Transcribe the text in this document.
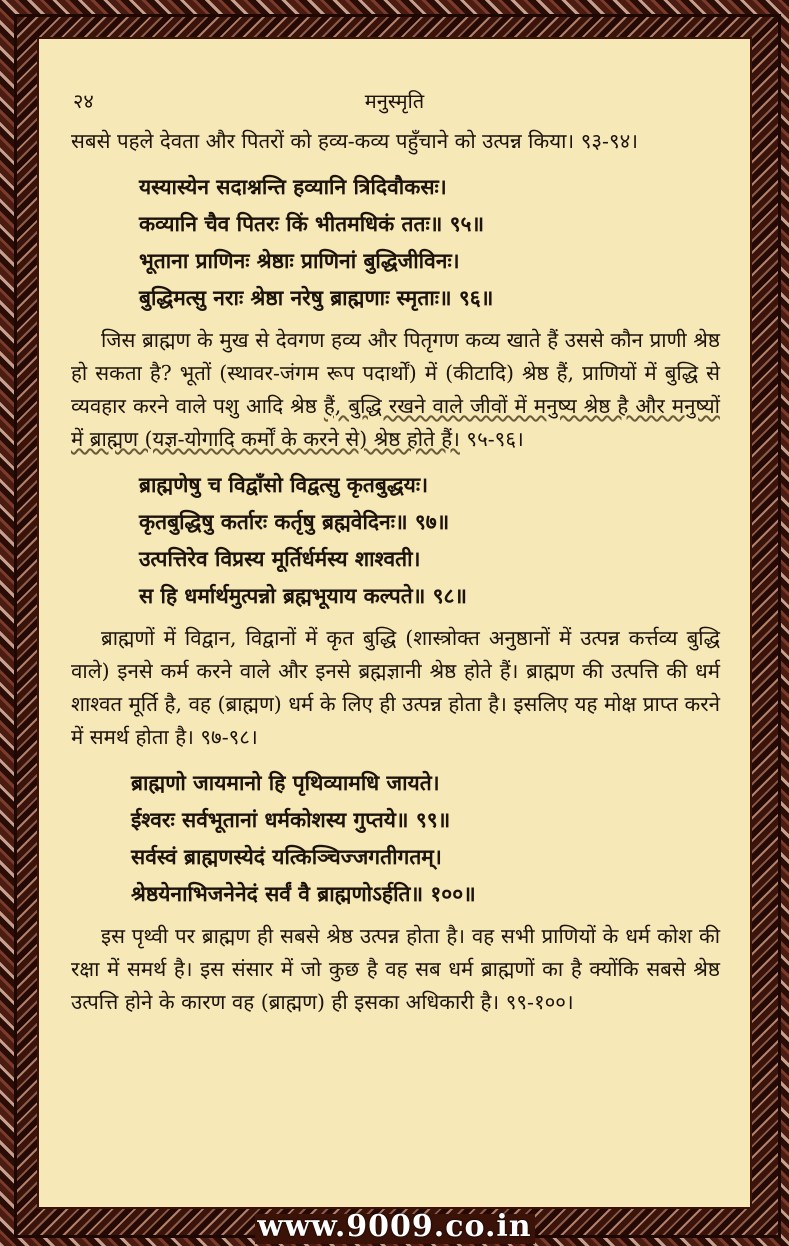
२४	मनुस्मृति

सबसे पहले देवता और पितरों को हव्य-कव्य पहुँचाने को उत्पन्न किया। ९३-९४।

यस्यास्येन सदाश्नन्ति हव्यानि त्रिदिवौकसः।
कव्यानि चैव पितरः किं भीतमधिकं ततः॥ ९५॥
भूताना प्राणिनः श्रेष्ठाः प्राणिनां बुद्धिजीविनः।
बुद्धिमत्सु नराः श्रेष्ठा नरेषु ब्राह्मणाः स्मृताः॥ ९६॥

जिस ब्राह्मण के मुख से देवगण हव्य और पितृगण कव्य खाते हैं उससे कौन प्राणी श्रेष्ठ हो सकता है? भूतों (स्थावर-जंगम रूप पदार्थों) में (कीटादि) श्रेष्ठ हैं, प्राणियों में बुद्धि से व्यवहार करने वाले पशु आदि श्रेष्ठ हैं, बुद्धि रखने वाले जीवों में मनुष्य श्रेष्ठ है और मनुष्यों में ब्राह्मण (यज्ञ-योगादि कर्मों के करने से) श्रेष्ठ होते हैं। ९५-९६।

ब्राह्मणेषु च विद्वाँसो विद्वत्सु कृतबुद्धयः।
कृतबुद्धिषु कर्तारः कर्तृषु ब्रह्मवेदिनः॥ ९७॥
उत्पत्तिरेव विप्रस्य मूर्तिर्धर्मस्य शाश्वती।
स हि धर्मार्थमुत्पन्नो ब्रह्मभूयाय कल्पते॥ ९८॥

ब्राह्मणों में विद्वान, विद्वानों में कृत बुद्धि (शास्त्रोक्त अनुष्ठानों में उत्पन्न कर्त्तव्य बुद्धि वाले) इनसे कर्म करने वाले और इनसे ब्रह्मज्ञानी श्रेष्ठ होते हैं। ब्राह्मण की उत्पत्ति की धर्म शाश्वत मूर्ति है, वह (ब्राह्मण) धर्म के लिए ही उत्पन्न होता है। इसलिए यह मोक्ष प्राप्त करने में समर्थ होता है। ९७-९८।

ब्राह्मणो जायमानो हि पृथिव्यामधि जायते।
ईश्वरः सर्वभूतानां धर्मकोशस्य गुप्तये॥ ९९॥
सर्वस्वं ब्राह्मणस्येदं यत्किञ्चिज्जगतीगतम्।
श्रेष्ठयेनाभिजनेनेदं सर्वं वै ब्राह्मणोऽर्हति॥ १००॥

इस पृथ्वी पर ब्राह्मण ही सबसे श्रेष्ठ उत्पन्न होता है। वह सभी प्राणियों के धर्म कोश की रक्षा में समर्थ है। इस संसार में जो कुछ है वह सब धर्म ब्राह्मणों का है क्योंकि सबसे श्रेष्ठ उत्पत्ति होने के कारण वह (ब्राह्मण) ही इसका अधिकारी है। ९९-१००।

www.9009.co.in
